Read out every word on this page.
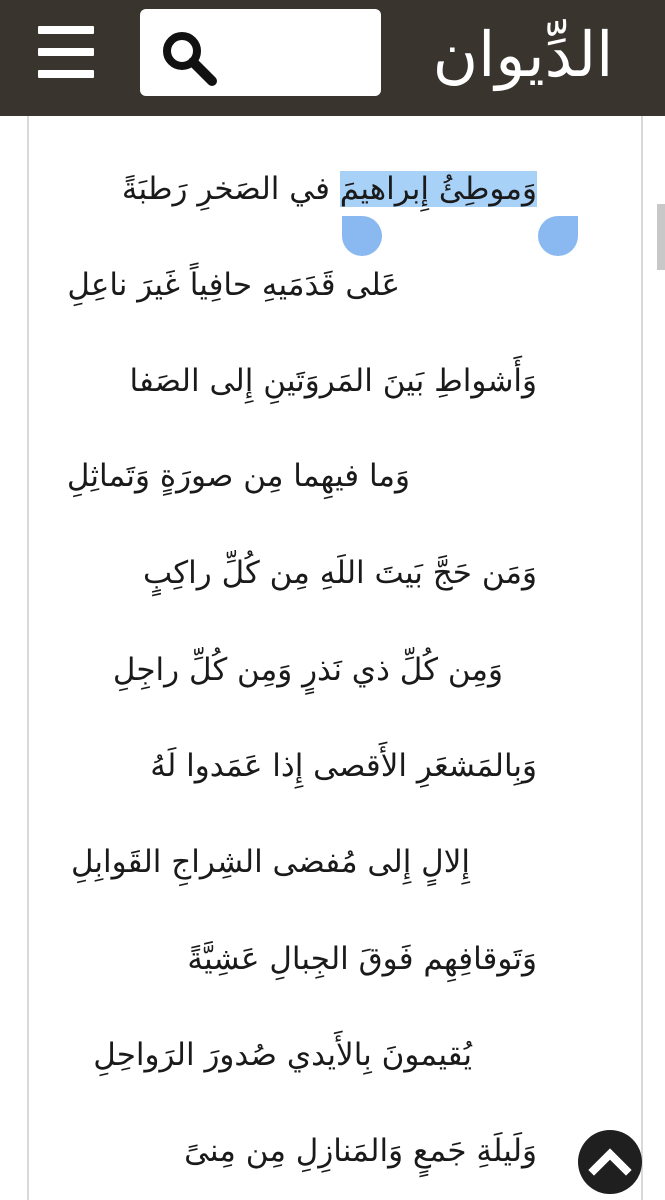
الدِّيوان
وَموطِئُ إِبراهيمَ في الصَخرِ رَطبَةً
عَلى قَدَمَيهِ حافِياً غَيرَ ناعِلِ
وَأَشواطِ بَينَ المَروَتَينِ إِلى الصَفا
وَما فيهِما مِن صورَةٍ وَتَماثِلِ
وَمَن حَجَّ بَيتَ اللَهِ مِن كُلِّ راكِبٍ
وَمِن كُلِّ ذي نَذرٍ وَمِن كُلِّ راجِلِ
وَبِالمَشعَرِ الأَقصى إِذا عَمَدوا لَهُ
إِلالٍ إِلى مُفضى الشِراجِ القَوابِلِ
وَتَوقافِهِم فَوقَ الجِبالِ عَشِيَّةً
يُقيمونَ بِالأَيدي صُدورَ الرَواحِلِ
وَلَيلَةِ جَمعٍ وَالمَنازِلِ مِن مِنىً
